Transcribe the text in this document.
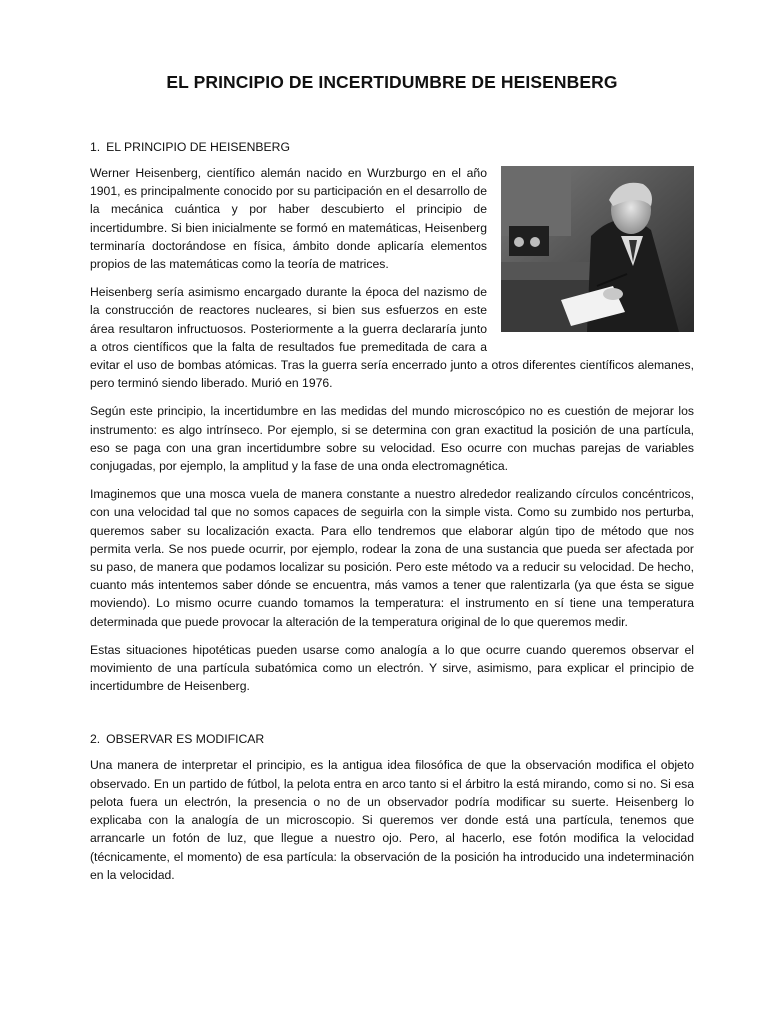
EL PRINCIPIO DE INCERTIDUMBRE DE HEISENBERG
1. EL PRINCIPIO DE HEISENBERG

Werner Heisenberg, científico alemán nacido en Wurzburgo en el año 1901, es principalmente conocido por su participación en el desarrollo de la mecánica cuántica y por haber descubierto el principio de incertidumbre. Si bien inicialmente se formó en matemáticas, Heisenberg terminaría doctorándose en física, ámbito donde aplicaría elementos propios de las matemáticas como la teoría de matrices.

Heisenberg sería asimismo encargado durante la época del nazismo de la construcción de reactores nucleares, si bien sus esfuerzos en este área resultaron infructuosos. Posteriormente a la guerra declararía junto a otros científicos que la falta de resultados fue premeditada de cara a evitar el uso de bombas atómicas. Tras la guerra sería encerrado junto a otros diferentes científicos alemanes, pero terminó siendo liberado. Murió en 1976.

Según este principio, la incertidumbre en las medidas del mundo microscópico no es cuestión de mejorar los instrumento: es algo intrínseco. Por ejemplo, si se determina con gran exactitud la posición de una partícula, eso se paga con una gran incertidumbre sobre su velocidad. Eso ocurre con muchas parejas de variables conjugadas, por ejemplo, la amplitud y la fase de una onda electromagnética.

Imaginemos que una mosca vuela de manera constante a nuestro alrededor realizando círculos concéntricos, con una velocidad tal que no somos capaces de seguirla con la simple vista. Como su zumbido nos perturba, queremos saber su localización exacta. Para ello tendremos que elaborar algún tipo de método que nos permita verla. Se nos puede ocurrir, por ejemplo, rodear la zona de una sustancia que pueda ser afectada por su paso, de manera que podamos localizar su posición. Pero este método va a reducir su velocidad. De hecho, cuanto más intentemos saber dónde se encuentra, más vamos a tener que ralentizarla (ya que ésta se sigue moviendo). Lo mismo ocurre cuando tomamos la temperatura: el instrumento en sí tiene una temperatura determinada que puede provocar la alteración de la temperatura original de lo que queremos medir.

Estas situaciones hipotéticas pueden usarse como analogía a lo que ocurre cuando queremos observar el movimiento de una partícula subatómica como un electrón. Y sirve, asimismo, para explicar el principio de incertidumbre de Heisenberg.

2. OBSERVAR ES MODIFICAR

Una manera de interpretar el principio, es la antigua idea filosófica de que la observación modifica el objeto observado. En un partido de fútbol, la pelota entra en arco tanto si el árbitro la está mirando, como si no. Si esa pelota fuera un electrón, la presencia o no de un observador podría modificar su suerte. Heisenberg lo explicaba con la analogía de un microscopio. Si queremos ver donde está una partícula, tenemos que arrancarle un fotón de luz, que llegue a nuestro ojo. Pero, al hacerlo, ese fotón modifica la velocidad (técnicamente, el momento) de esa partícula: la observación de la posición ha introducido una indeterminación en la velocidad.
